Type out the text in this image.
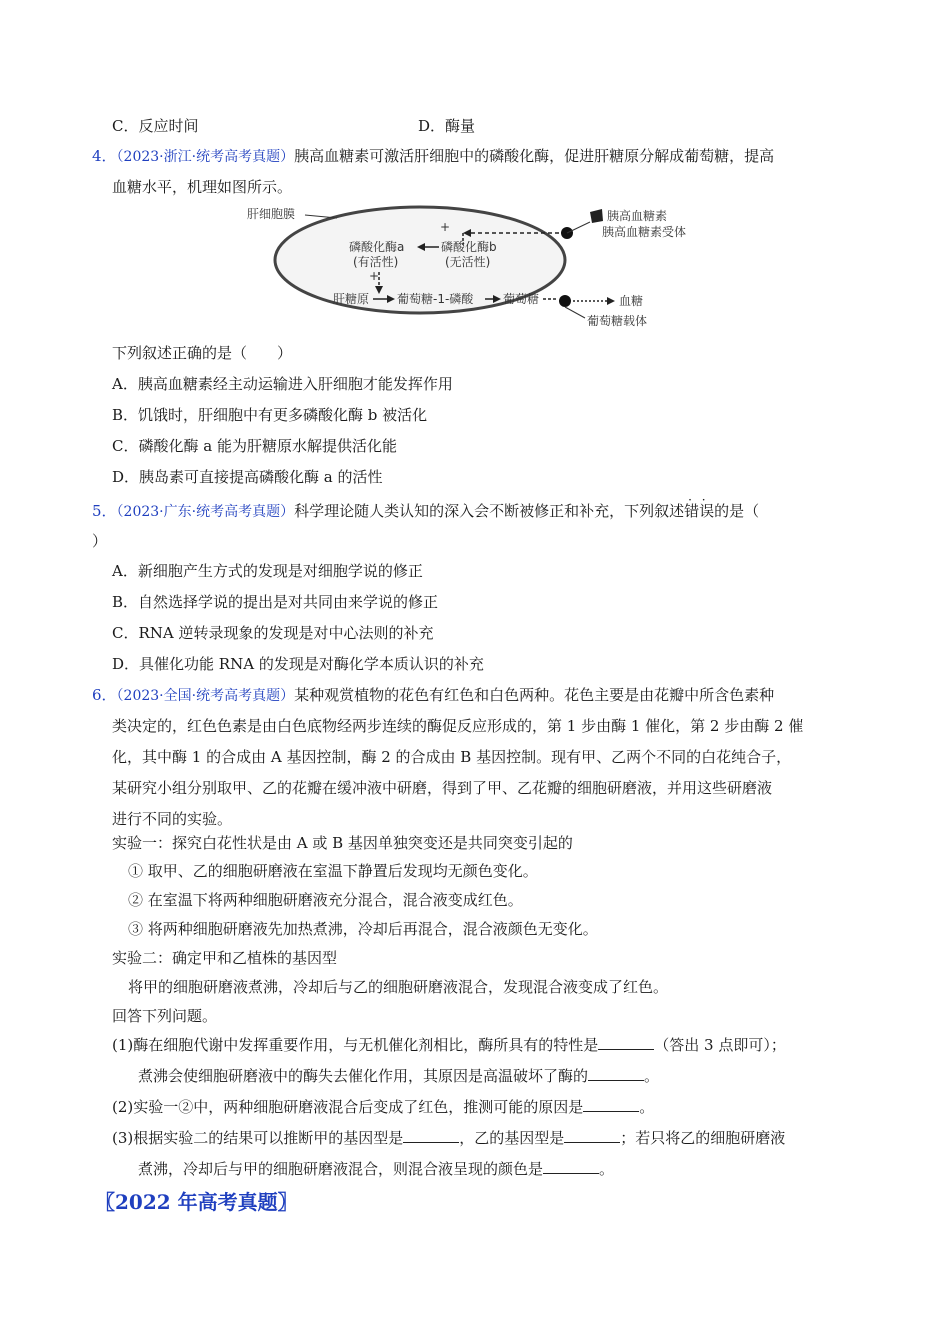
C．反应时间	D．酶量
4．（2023·浙江·统考高考真题）胰高血糖素可激活肝细胞中的磷酸化酶，促进肝糖原分解成葡萄糖，提高
血糖水平，机理如图所示。
肝细胞膜	胰高血糖素
胰高血糖素受体
+
磷酸化酶a
(有活性)
磷酸化酶b
(无活性)
+
肝糖原 葡萄糖-1-磷酸 葡萄糖	血糖
葡萄糖载体
下列叙述正确的是（　　）
A．胰高血糖素经主动运输进入肝细胞才能发挥作用
B．饥饿时，肝细胞中有更多磷酸化酶 b 被活化
C．磷酸化酶 a 能为肝糖原水解提供活化能
D．胰岛素可直接提高磷酸化酶 a 的活性
5．（2023·广东·统考高考真题）科学理论随人类认知的深入会不断被修正和补充，下列叙述错误 · ·的是（
）
A．新细胞产生方式的发现是对细胞学说的修正
B．自然选择学说的提出是对共同由来学说的修正
C．RNA 逆转录现象的发现是对中心法则的补充
D．具催化功能 RNA 的发现是对酶化学本质认识的补充
6．（2023·全国·统考高考真题）某种观赏植物的花色有红色和白色两种。花色主要是由花瓣中所含色素种
类决定的，红色色素是由白色底物经两步连续的酶促反应形成的，第 1 步由酶 1 催化，第 2 步由酶 2 催
化，其中酶 1 的合成由 A 基因控制，酶 2 的合成由 B 基因控制。现有甲、乙两个不同的白花纯合子，
某研究小组分别取甲、乙的花瓣在缓冲液中研磨，得到了甲、乙花瓣的细胞研磨液，并用这些研磨液
进行不同的实验。
实验一：探究白花性状是由 A 或 B 基因单独突变还是共同突变引起的
① 取甲、乙的细胞研磨液在室温下静置后发现均无颜色变化。
② 在室温下将两种细胞研磨液充分混合，混合液变成红色。
③ 将两种细胞研磨液先加热煮沸，冷却后再混合，混合液颜色无变化。
实验二：确定甲和乙植株的基因型
将甲的细胞研磨液煮沸，冷却后与乙的细胞研磨液混合，发现混合液变成了红色。
回答下列问题。
(1)酶在细胞代谢中发挥重要作用，与无机催化剂相比，酶所具有的特性是	（答出 3 点即可）；
煮沸会使细胞研磨液中的酶失去催化作用，其原因是高温破坏了酶的	。
(2)实验一②中，两种细胞研磨液混合后变成了红色，推测可能的原因是	。
(3)根据实验二的结果可以推断甲的基因型是	，乙的基因型是	；若只将乙的细胞研磨液
煮沸，冷却后与甲的细胞研磨液混合，则混合液呈现的颜色是	。
〖2022 年高考真题〗
